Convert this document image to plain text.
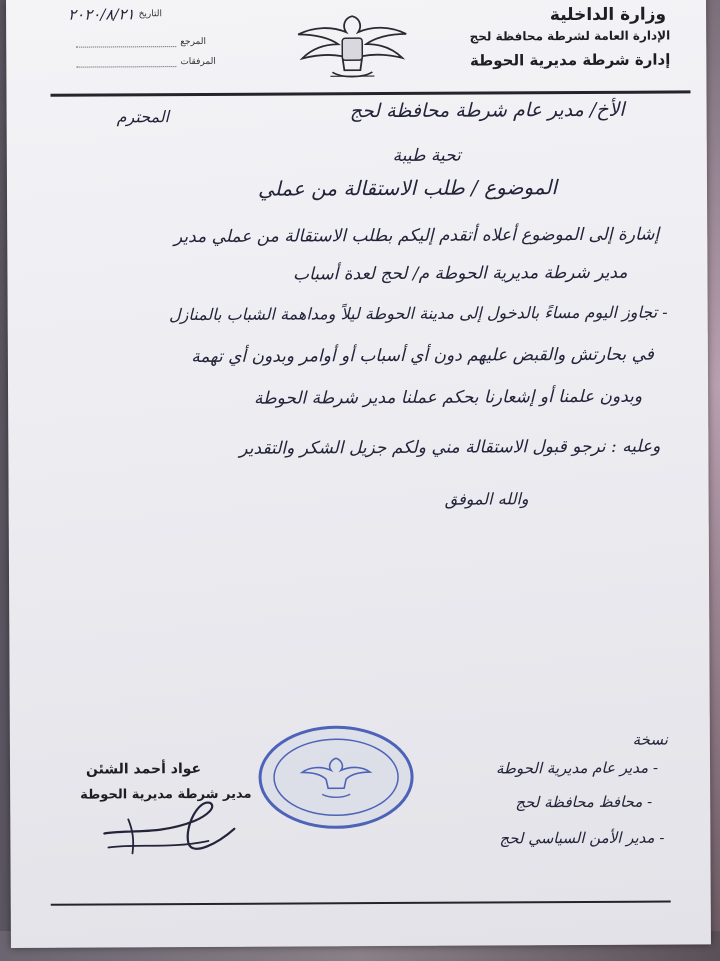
وزارة الداخلية
الإدارة العامة لشرطة محافظة لحج
إدارة شرطة مديرية الحوطة
التاريخ
٢٠٢٠/٨/٢١
المرجع
المرفقات
الأخ/ مدير عام شرطة محافظة لحج
المحترم
تحية طيبة
الموضوع / طلب الاستقالة من عملي
إشارة إلى الموضوع أعلاه أتقدم إليكم بطلب الاستقالة من عملي مدير
مدير شرطة مديرية الحوطة م/ لحج لعدة أسباب
- تجاوز اليوم مساءً بالدخول إلى مدينة الحوطة ليلاً ومداهمة الشباب بالمنازل
في بحارتش والقبض عليهم دون أي أسباب أو أوامر وبدون أي تهمة
وبدون علمنا أو إشعارنا بحكم عملنا مدير شرطة الحوطة
وعليه : نرجو قبول الاستقالة مني ولكم جزيل الشكر والتقدير
والله الموفق
نسخة
- مدير عام مديرية الحوطة
- محافظ محافظة لحج
- مدير الأمن السياسي لحج
عواد أحمد الشئن
مدير شرطة مديرية الحوطة
